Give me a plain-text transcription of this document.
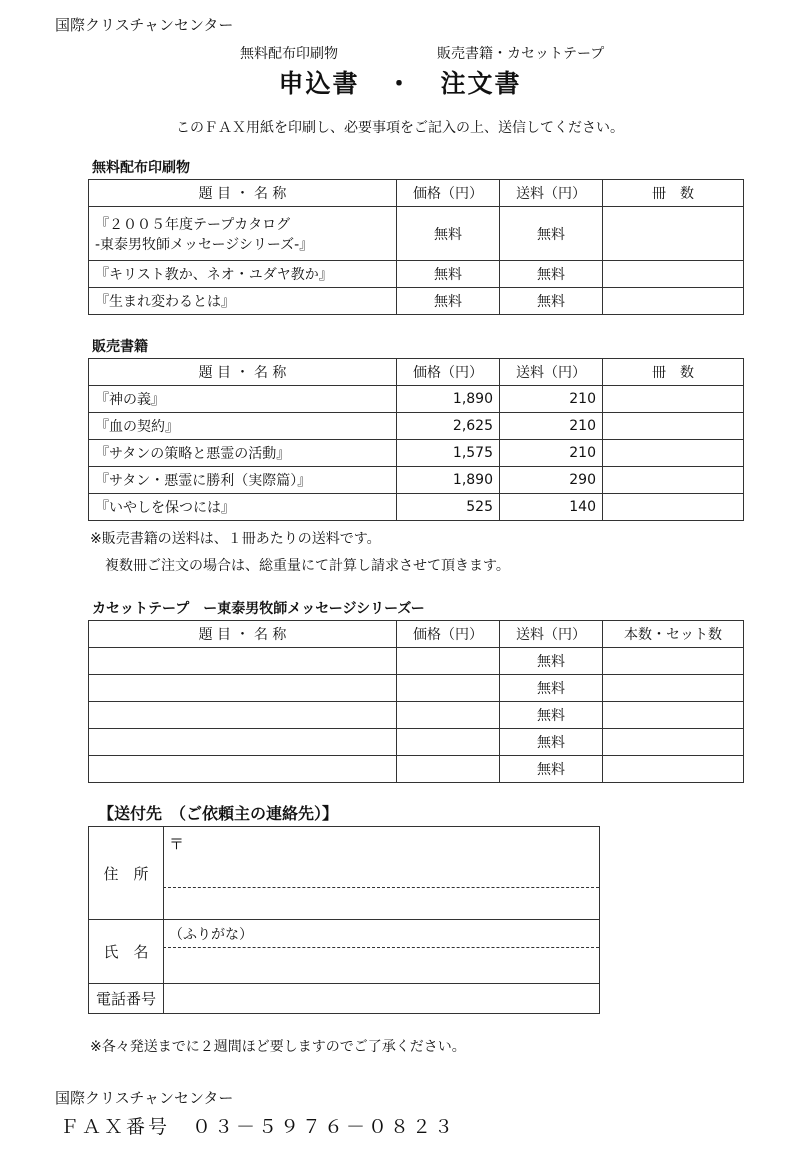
国際クリスチャンセンター
無料配布印刷物	販売書籍・カセットテープ
申込書　・　注文書
このＦＡＸ用紙を印刷し、必要事項をご記入の上、送信してください。
無料配布印刷物
題 目 ・ 名 称	価格（円）	送料（円）	冊　数

『２００５年度テープカタログ
-東泰男牧師メッセージシリーズ-』	無料	無料	
『キリスト教か、ネオ・ユダヤ教か』	無料	無料	
『生まれ変わるとは』	無料	無料	
販売書籍
題 目 ・ 名 称	価格（円）	送料（円）	冊　数
『神の義』	1,890	210	
『血の契約』	2,625	210	
『サタンの策略と悪霊の活動』	1,575	210	
『サタン・悪霊に勝利（実際篇）』	1,890	290	
『いやしを保つには』	525	140	
※販売書籍の送料は、１冊あたりの送料です。
複数冊ご注文の場合は、総重量にて計算し請求させて頂きます。
カセットテープ　ー東泰男牧師メッセージシリーズー
題 目 ・ 名 称	価格（円）	送料（円）	本数・セット数
		無料	
		無料	
		無料	
		無料	
		無料	
【送付先　（ご依頼主の連絡先）】
住　所
〒
氏　名
（ふりがな）
電話番号
※各々発送までに２週間ほど要しますのでご了承ください。
国際クリスチャンセンター
ＦＡＸ番号　０３－５９７６－０８２３
